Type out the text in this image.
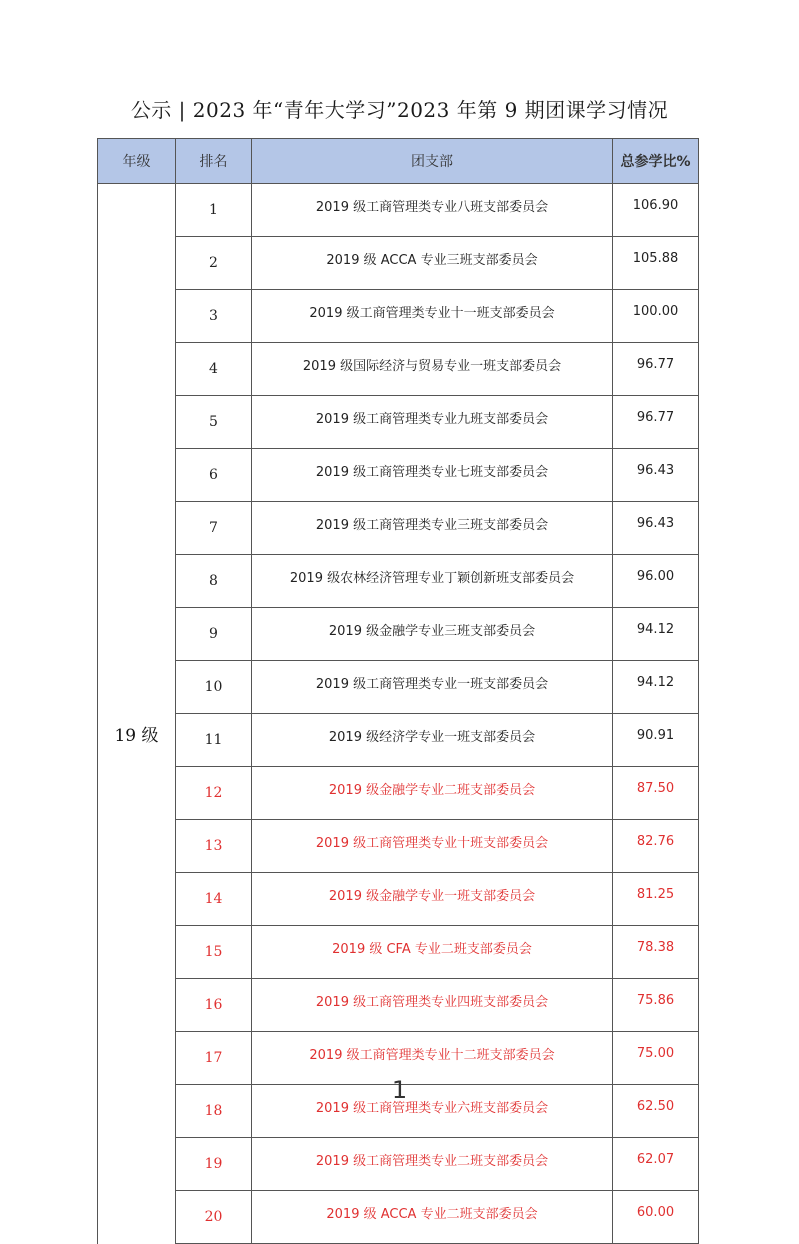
公示 | 2023 年“青年大学习”2023 年第 9 期团课学习情况
年级	排名	团支部	总参学比%
19 级	1	2019 级工商管理类专业八班支部委员会	106.90
	2	2019 级 ACCA 专业三班支部委员会	105.88
	3	2019 级工商管理类专业十一班支部委员会	100.00
	4	2019 级国际经济与贸易专业一班支部委员会	96.77
	5	2019 级工商管理类专业九班支部委员会	96.77
	6	2019 级工商管理类专业七班支部委员会	96.43
	7	2019 级工商管理类专业三班支部委员会	96.43
	8	2019 级农林经济管理专业丁颖创新班支部委员会	96.00
	9	2019 级金融学专业三班支部委员会	94.12
	10	2019 级工商管理类专业一班支部委员会	94.12
	11	2019 级经济学专业一班支部委员会	90.91
	12	2019 级金融学专业二班支部委员会	87.50
	13	2019 级工商管理类专业十班支部委员会	82.76
	14	2019 级金融学专业一班支部委员会	81.25
	15	2019 级 CFA 专业二班支部委员会	78.38
	16	2019 级工商管理类专业四班支部委员会	75.86
	17	2019 级工商管理类专业十二班支部委员会	75.00
	18	2019 级工商管理类专业六班支部委员会	62.50
	19	2019 级工商管理类专业二班支部委员会	62.07
	20	2019 级 ACCA 专业二班支部委员会	60.00
1
